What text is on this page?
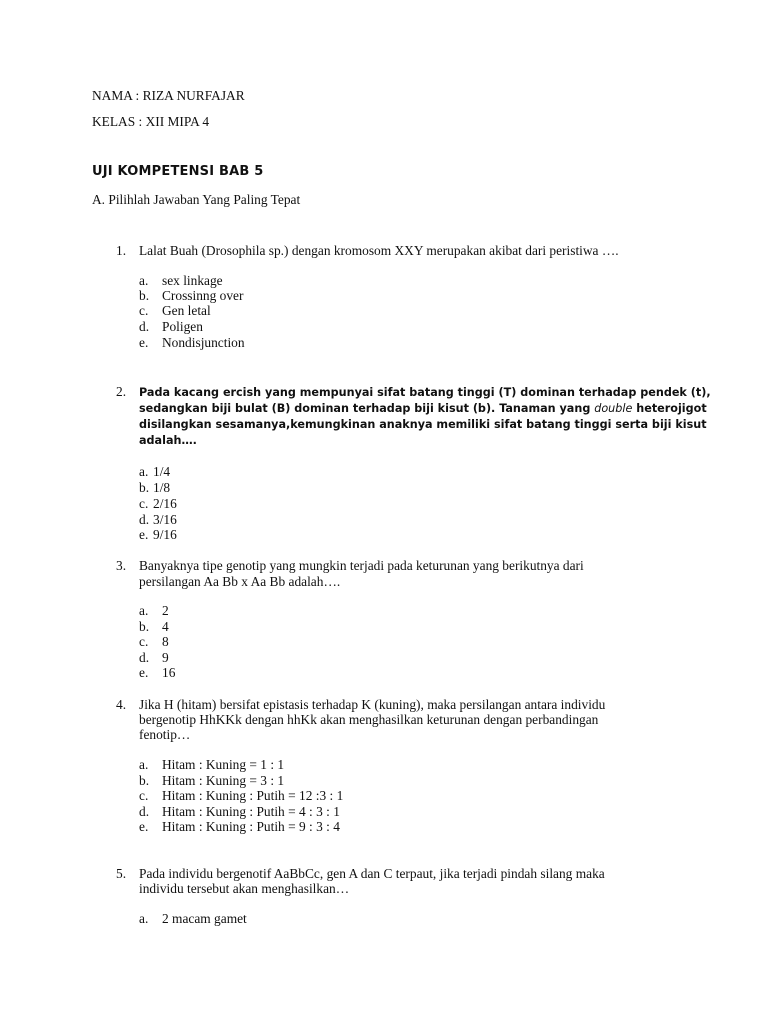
NAMA : RIZA NURFAJAR
KELAS : XII MIPA 4
UJI KOMPETENSI BAB 5
A. Pilihlah Jawaban Yang Paling Tepat
1. Lalat Buah (Drosophila sp.) dengan kromosom XXY merupakan akibat dari peristiwa ….
a. sex linkage
b. Crossinng over
c. Gen letal
d. Poligen
e. Nondisjunction
2. Pada kacang ercish yang mempunyai sifat batang tinggi (T) dominan terhadap pendek (t),
sedangkan biji bulat (B) dominan terhadap biji kisut (b). Tanaman yang double heterojigot
disilangkan sesamanya,kemungkinan anaknya memiliki sifat batang tinggi serta biji kisut
adalah….
a. 1/4
b. 1/8
c. 2/16
d. 3/16
e. 9/16
3. Banyaknya tipe genotip yang mungkin terjadi pada keturunan yang berikutnya dari
persilangan Aa Bb x Aa Bb adalah….
a. 2
b. 4
c. 8
d. 9
e. 16
4. Jika H (hitam) bersifat epistasis terhadap K (kuning), maka persilangan antara individu
bergenotip HhKKk dengan hhKk akan menghasilkan keturunan dengan perbandingan
fenotip…
a. Hitam : Kuning = 1 : 1
b. Hitam : Kuning = 3 : 1
c. Hitam : Kuning : Putih = 12 :3 : 1
d. Hitam : Kuning : Putih = 4 : 3 : 1
e. Hitam : Kuning : Putih = 9 : 3 : 4
5. Pada individu bergenotif AaBbCc, gen A dan C terpaut, jika terjadi pindah silang maka
individu tersebut akan menghasilkan…
a. 2 macam gamet
